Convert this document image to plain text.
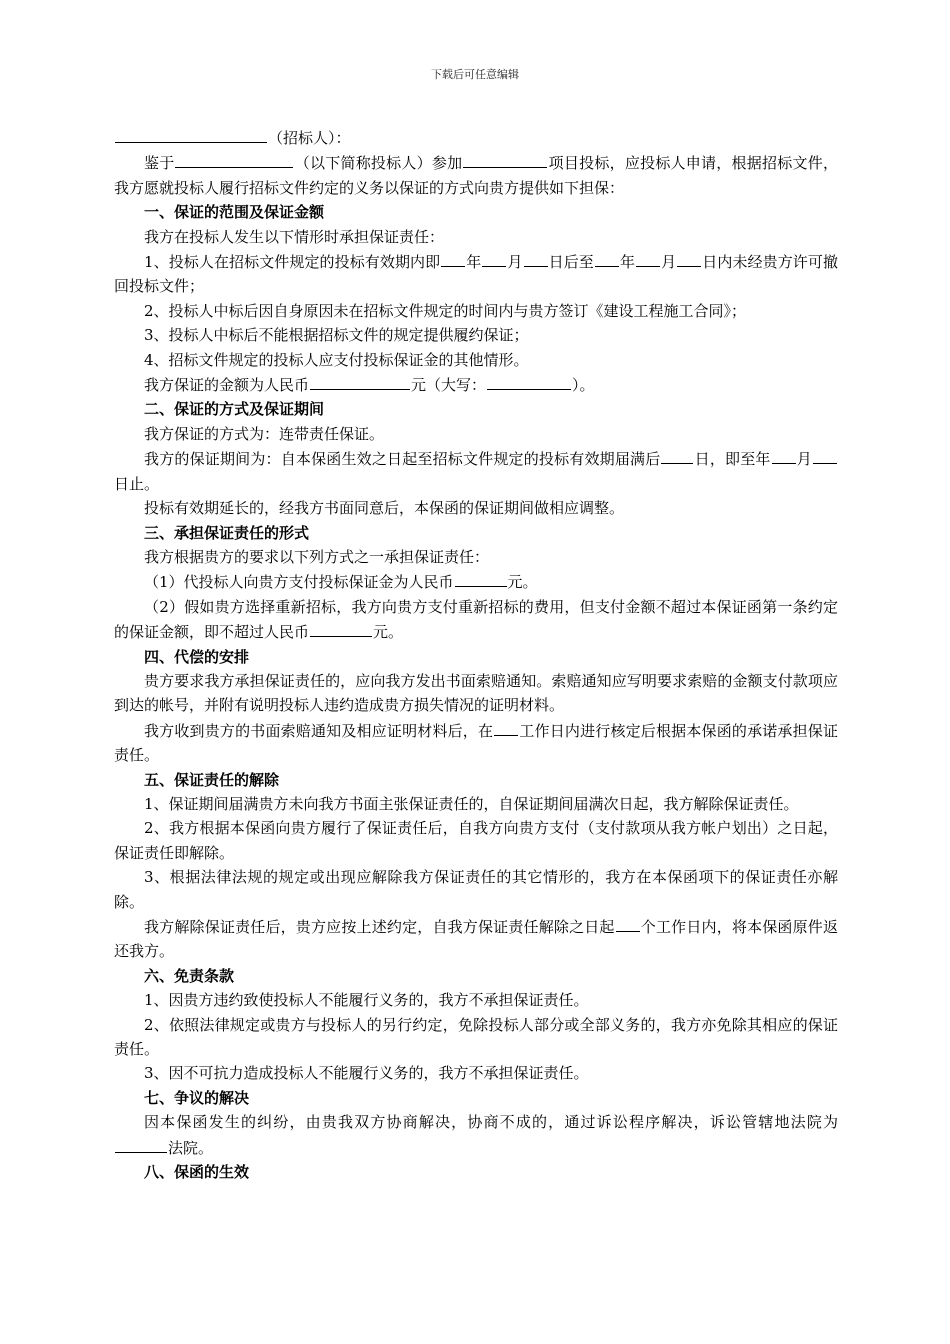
下载后可任意编辑

（招标人）：

鉴于	（以下简称投标人）参加	项目投标，应投标人申请，根据招标文件，我方愿就投标人履行招标文件约定的义务以保证的方式向贵方提供如下担保：

一、保证的范围及保证金额

我方在投标人发生以下情形时承担保证责任：

1、投标人在招标文件规定的投标有效期内即 年 月 日后至 年 月 日内未经贵方许可撤回投标文件；

2、投标人中标后因自身原因未在招标文件规定的时间内与贵方签订《建设工程施工合同》；

3、投标人中标后不能根据招标文件的规定提供履约保证；

4、招标文件规定的投标人应支付投标保证金的其他情形。

我方保证的金额为人民币	元（大写：	）。

二、保证的方式及保证期间

我方保证的方式为：连带责任保证。

我方的保证期间为：自本保函生效之日起至招标文件规定的投标有效期届满后 日，即至年 月日止。

投标有效期延长的，经我方书面同意后，本保函的保证期间做相应调整。

三、承担保证责任的形式

我方根据贵方的要求以下列方式之一承担保证责任：

（1）代投标人向贵方支付投标保证金为人民币	元。

（2）假如贵方选择重新招标，我方向贵方支付重新招标的费用，但支付金额不超过本保证函第一条约定的保证金额，即不超过人民币	元。

四、代偿的安排

贵方要求我方承担保证责任的，应向我方发出书面索赔通知。索赔通知应写明要求索赔的金额支付款项应到达的帐号，并附有说明投标人违约造成贵方损失情况的证明材料。

我方收到贵方的书面索赔通知及相应证明材料后，在 工作日内进行核定后根据本保函的承诺承担保证责任。

五、保证责任的解除

1、保证期间届满贵方未向我方书面主张保证责任的，自保证期间届满次日起，我方解除保证责任。

2、我方根据本保函向贵方履行了保证责任后，自我方向贵方支付（支付款项从我方帐户划出）之日起，保证责任即解除。

3、根据法律法规的规定或出现应解除我方保证责任的其它情形的，我方在本保函项下的保证责任亦解除。

我方解除保证责任后，贵方应按上述约定，自我方保证责任解除之日起 个工作日内，将本保函原件返还我方。

六、免责条款

1、因贵方违约致使投标人不能履行义务的，我方不承担保证责任。

2、依照法律规定或贵方与投标人的另行约定，免除投标人部分或全部义务的，我方亦免除其相应的保证责任。

3、因不可抗力造成投标人不能履行义务的，我方不承担保证责任。

七、争议的解决

因本保函发生的纠纷，由贵我双方协商解决，协商不成的，通过诉讼程序解决，诉讼管辖地法院为法院。

八、保函的生效
